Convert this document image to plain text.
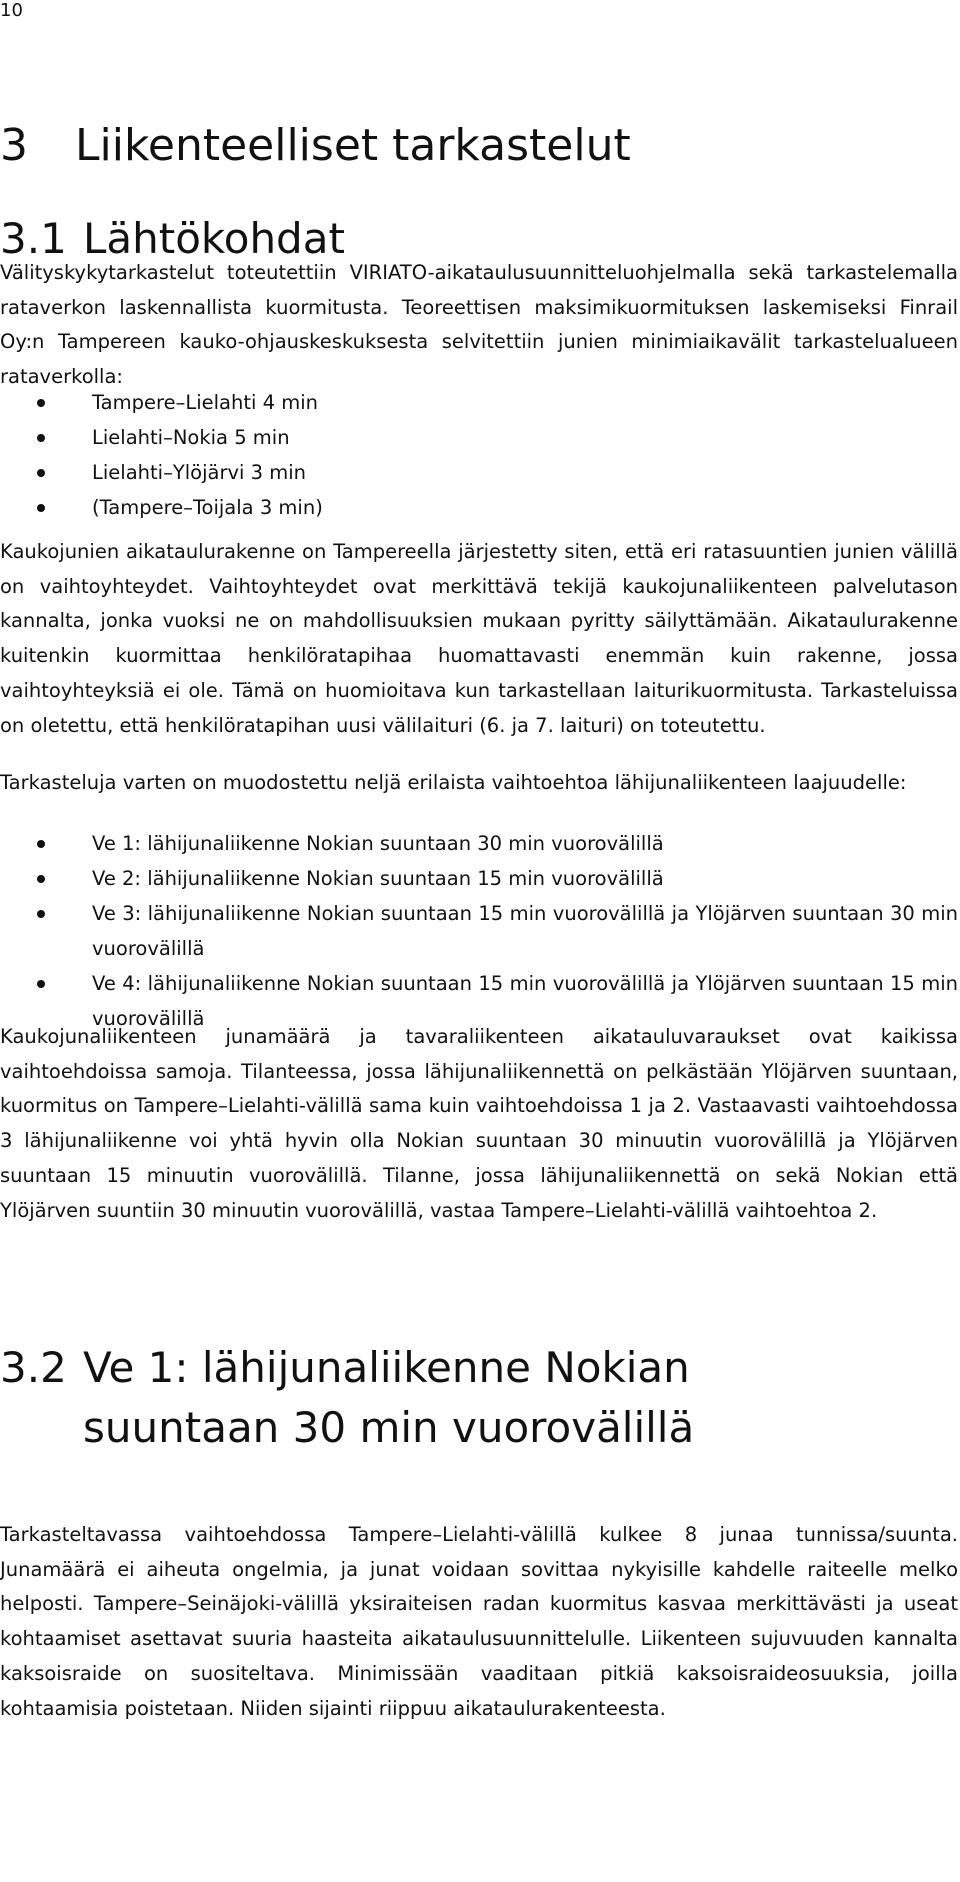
10
3 Liikenteelliset tarkastelut
3.1 Lähtökohdat

Välityskykytarkastelut toteutettiin VIRIATO-aikataulusuunnitteluohjelmalla sekä tarkastelemalla rataverkon laskennallista kuormitusta. Teoreettisen maksimikuormituksen laskemiseksi Finrail Oy:n Tampereen kauko-ohjauskeskuksesta selvitettiin junien minimiaikavälit tarkastelualueen rataverkolla:

Tampere–Lielahti 4 min
Lielahti–Nokia 5 min
Lielahti–Ylöjärvi 3 min
(Tampere–Toijala 3 min)

Kaukojunien aikataulurakenne on Tampereella järjestetty siten, että eri ratasuuntien junien välillä on vaihtoyhteydet. Vaihtoyhteydet ovat merkittävä tekijä kaukojunaliikenteen palvelutason kannalta, jonka vuoksi ne on mahdollisuuksien mukaan pyritty säilyttämään. Aikataulurakenne kuitenkin kuormittaa henkilöratapihaa huomattavasti enemmän kuin rakenne, jossa vaihtoyhteyksiä ei ole. Tämä on huomioitava kun tarkastellaan laiturikuormitusta. Tarkasteluissa on oletettu, että henkilöratapihan uusi välilaituri (6. ja 7. laituri) on toteutettu.

Tarkasteluja varten on muodostettu neljä erilaista vaihtoehtoa lähijunaliikenteen laajuudelle:

Ve 1: lähijunaliikenne Nokian suuntaan 30 min vuorovälillä
Ve 2: lähijunaliikenne Nokian suuntaan 15 min vuorovälillä
Ve 3: lähijunaliikenne Nokian suuntaan 15 min vuorovälillä ja Ylöjärven suuntaan 30 min vuorovälillä
Ve 4: lähijunaliikenne Nokian suuntaan 15 min vuorovälillä ja Ylöjärven suuntaan 15 min vuorovälillä

Kaukojunaliikenteen junamäärä ja tavaraliikenteen aikatauluvaraukset ovat kaikissa vaihtoehdoissa samoja. Tilanteessa, jossa lähijunaliikennettä on pelkästään Ylöjärven suuntaan, kuormitus on Tampere–Lielahti-välillä sama kuin vaihtoehdoissa 1 ja 2. Vastaavasti vaihtoehdossa 3 lähijunaliikenne voi yhtä hyvin olla Nokian suuntaan 30 minuutin vuorovälillä ja Ylöjärven suuntaan 15 minuutin vuorovälillä. Tilanne, jossa lähijunaliikennettä on sekä Nokian että Ylöjärven suuntiin 30 minuutin vuorovälillä, vastaa Tampere–Lielahti-välillä vaihtoehtoa 2.

3.2 Ve 1: lähijunaliikenne Nokian suuntaan 30 min vuorovälillä

Tarkasteltavassa vaihtoehdossa Tampere–Lielahti-välillä kulkee 8 junaa tunnissa/suunta. Junamäärä ei aiheuta ongelmia, ja junat voidaan sovittaa nykyisille kahdelle raiteelle melko helposti. Tampere–Seinäjoki-välillä yksiraiteisen radan kuormitus kasvaa merkittävästi ja useat kohtaamiset asettavat suuria haasteita aikataulusuunnittelulle. Liikenteen sujuvuuden kannalta kaksoisraide on suositeltava. Minimissään vaaditaan pitkiä kaksoisraideosuuksia, joilla kohtaamisia poistetaan. Niiden sijainti riippuu aikataulurakenteesta.
